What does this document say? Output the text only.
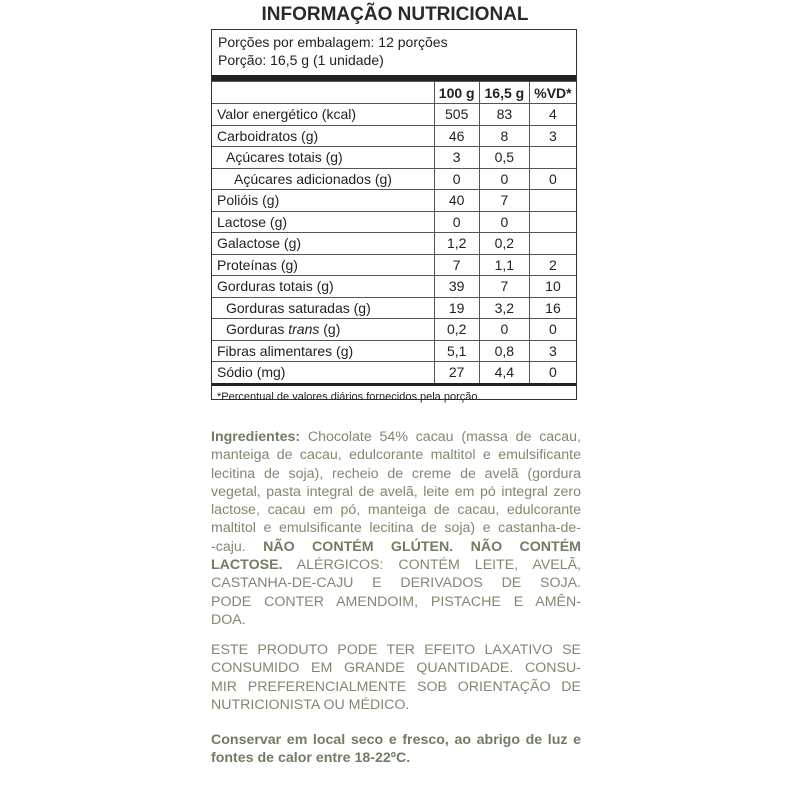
INFORMAÇÃO NUTRICIONAL
Porções por embalagem: 12 porções
Porção: 16,5 g (1 unidade)
	100 g	16,5 g	%VD*
Valor energético (kcal)	505	83	4
Carboidratos (g)	46	8	3
Açúcares totais (g)	3	0,5	
Açúcares adicionados (g)	0	0	0
Polióis (g)	40	7	
Lactose (g)	0	0	
Galactose (g)	1,2	0,2	
Proteínas (g)	7	1,1	2
Gorduras totais (g)	39	7	10
Gorduras saturadas (g)	19	3,2	16
Gorduras trans (g)	0,2	0	0
Fibras alimentares (g)	5,1	0,8	3
Sódio (mg)	27	4,4	0
*Percentual de valores diários fornecidos pela porção.
Ingredientes: Chocolate 54% cacau (massa de cacau,
manteiga de cacau, edulcorante maltitol e emulsificante
lecitina de soja), recheio de creme de avelã (gordura
vegetal, pasta integral de avelã, leite em pó integral zero
lactose, cacau em pó, manteiga de cacau, edulcorante
maltitol e emulsificante lecitina de soja) e castanha-de-
-caju. NÃO CONTÉM GLÚTEN. NÃO CONTÉM
LACTOSE. ALÉRGICOS: CONTÉM LEITE, AVELÃ,
CASTANHA-DE-CAJU E DERIVADOS DE SOJA.
PODE CONTER AMENDOIM, PISTACHE E AMÊN-
DOA.
ESTE PRODUTO PODE TER EFEITO LAXATIVO SE
CONSUMIDO EM GRANDE QUANTIDADE. CONSU-
MIR PREFERENCIALMENTE SOB ORIENTAÇÃO DE
NUTRICIONISTA OU MÉDICO.
Conservar em local seco e fresco, ao abrigo de luz e
fontes de calor entre 18-22ºC.
